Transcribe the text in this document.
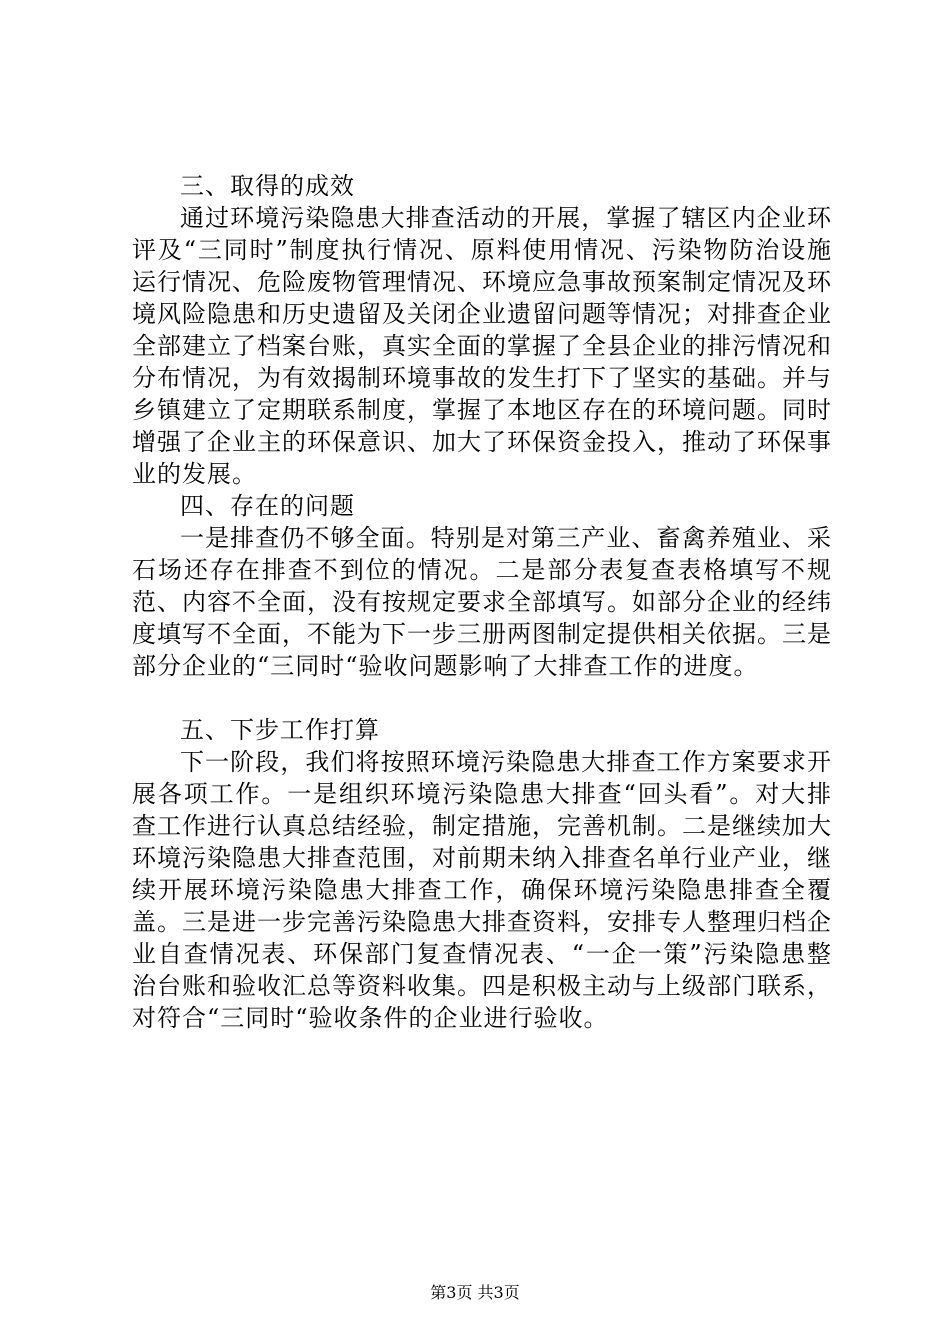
三、取得的成效

通过环境污染隐患大排查活动的开展，掌握了辖区内企业环评及“三同时”制度执行情况、原料使用情况、污染物防治设施运行情况、危险废物管理情况、环境应急事故预案制定情况及环境风险隐患和历史遗留及关闭企业遗留问题等情况；对排查企业全部建立了档案台账，真实全面的掌握了全县企业的排污情况和分布情况，为有效揭制环境事故的发生打下了坚实的基础。并与乡镇建立了定期联系制度，掌握了本地区存在的环境问题。同时增强了企业主的环保意识、加大了环保资金投入，推动了环保事业的发展。

四、存在的问题

一是排查仍不够全面。特别是对第三产业、畜禽养殖业、采石场还存在排查不到位的情况。二是部分表复查表格填写不规范、内容不全面，没有按规定要求全部填写。如部分企业的经纬度填写不全面，不能为下一步三册两图制定提供相关依据。三是部分企业的“三同时“验收问题影响了大排查工作的进度。

五、下步工作打算

下一阶段，我们将按照环境污染隐患大排查工作方案要求开展各项工作。一是组织环境污染隐患大排查“回头看”。对大排查工作进行认真总结经验，制定措施，完善机制。二是继续加大环境污染隐患大排查范围，对前期未纳入排查名单行业产业，继续开展环境污染隐患大排查工作，确保环境污染隐患排查全覆盖。三是进一步完善污染隐患大排查资料，安排专人整理归档企业自查情况表、环保部门复查情况表、“一企一策”污染隐患整治台账和验收汇总等资料收集。四是积极主动与上级部门联系，对符合“三同时“验收条件的企业进行验收。

第3页 共3页
